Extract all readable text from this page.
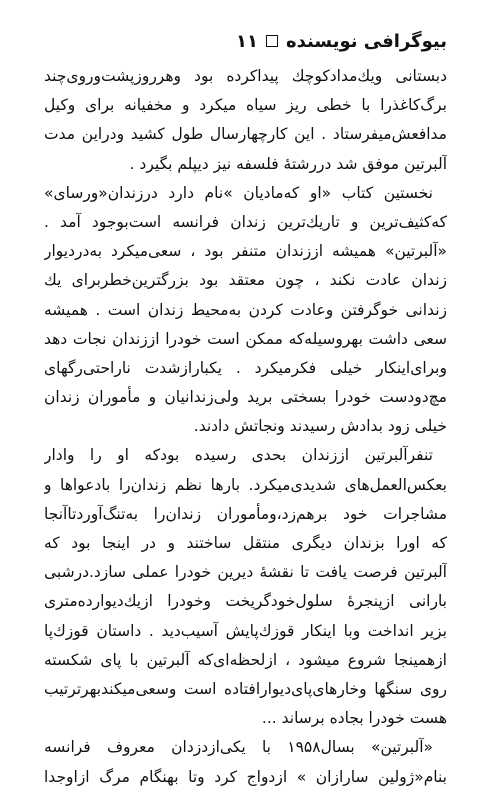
بیوگرافی نویسنده
۱۱
دبستانی ویك‌مداد‌کوچك پیداکرده بود وهرروزپشت‌وروی‌چند
برگ‌کاغذرا با خطی ریز سیاه میکرد و مخفیانه برای وکیل
مدافعش‌میفرستاد . این کارچهارسال طول کشید ودراین مدت
آلبرتین موفق شد دررشتهٔ فلسفه نیز دیپلم بگیرد .
نخستین کتاب «او که‌مادیان »نام دارد درزندان‌«ورسای»
که‌کثیف‌ترین و تاریك‌ترین زندان فرانسه است‌بوجود آمد .
«آلبرتین» همیشه اززندان متنفر بود ، سعی‌میکرد به‌دردیوار
زندان عادت نکند ، چون معتقد بود بزرگترین‌خطر‌برای یك
زندانی خوگرفتن وعادت کردن به‌محیط زندان است . همیشه
سعی داشت بهروسیله‌که ممکن است خودرا اززندان نجات دهد
و‌برای‌اینکار خیلی فکرمیکرد . یکبارازشدت ناراحتی‌رگهای
مچ‌دودست خودرا بسختی برید ولی‌زندانیان و مأموران زندان
خیلی زود بدادش رسیدند ونجاتش دادند.
تنفرآلبرتین اززندان بحدی رسیده بودکه او را وادار
بعکس‌العمل‌های شدیدی‌میکرد. بارها نظم زندان‌را با‌دعواها و
مشاجرات خود برهم‌زد،ومأموران زندان‌را به‌تنگ‌آورد‌تا‌آنجا
که اورا بزندان دیگری منتقل ساختند و در اینجا بود که
آلبرتین فرصت یافت تا نقشهٔ دیرین خودرا عملی سازد.درشبی
بارانی ازپنجرهٔ سلول‌خودگریخت وخودرا ازیك‌دیوارده‌متری
بزیر انداخت وبا اینکار قوزك‌پایش آسیب‌دید . داستان قوزك‌‌پا
ازهمینجا شروع میشود ، ازلحظه‌ای‌که آلبرتین با پای شکسته
روی سنگها وخارهای‌پای‌دیوارافتاده است وسعی‌میکند‌بهرترتیب
هست خودرا بجاده برساند ...
«آلبرتین» بسال۱۹۵۸ با یکی‌ازدزدان معروف فرانسه
بنام‌«ژولین سارازان » ازدواج کرد وتا بهنگام مرگ ازاوجدا
